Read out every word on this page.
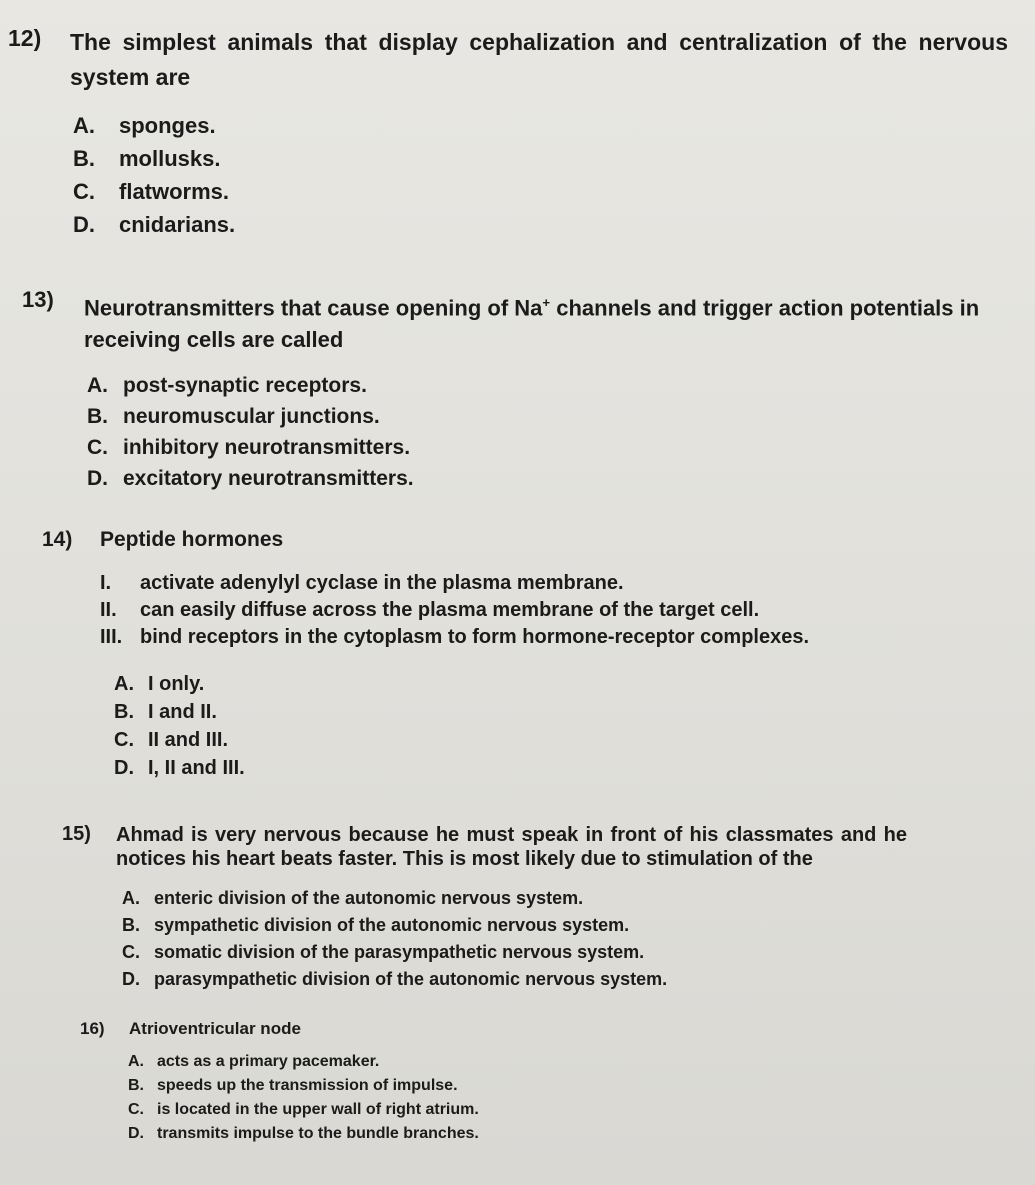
12)	The simplest animals that display cephalization and centralization of the nervous system are
A.	sponges.
B.	mollusks.
C.	flatworms.
D.	cnidarians.
13)	Neurotransmitters that cause opening of Na+ channels and trigger action potentials in receiving cells are called
A. post-synaptic receptors.
B. neuromuscular junctions.
C. inhibitory neurotransmitters.
D. excitatory neurotransmitters.
14)	Peptide hormones
I.	activate adenylyl cyclase in the plasma membrane.
II.	can easily diffuse across the plasma membrane of the target cell.
III. bind receptors in the cytoplasm to form hormone-receptor complexes.
A. I only.
B. I and II.
C. II and III.
D. I, II and III.
15)	Ahmad is very nervous because he must speak in front of his classmates and he notices his heart beats faster. This is most likely due to stimulation of the
A. enteric division of the autonomic nervous system.
B. sympathetic division of the autonomic nervous system.
C. somatic division of the parasympathetic nervous system.
D. parasympathetic division of the autonomic nervous system.
16)	Atrioventricular node
A. acts as a primary pacemaker.
B. speeds up the transmission of impulse.
C. is located in the upper wall of right atrium.
D. transmits impulse to the bundle branches.
